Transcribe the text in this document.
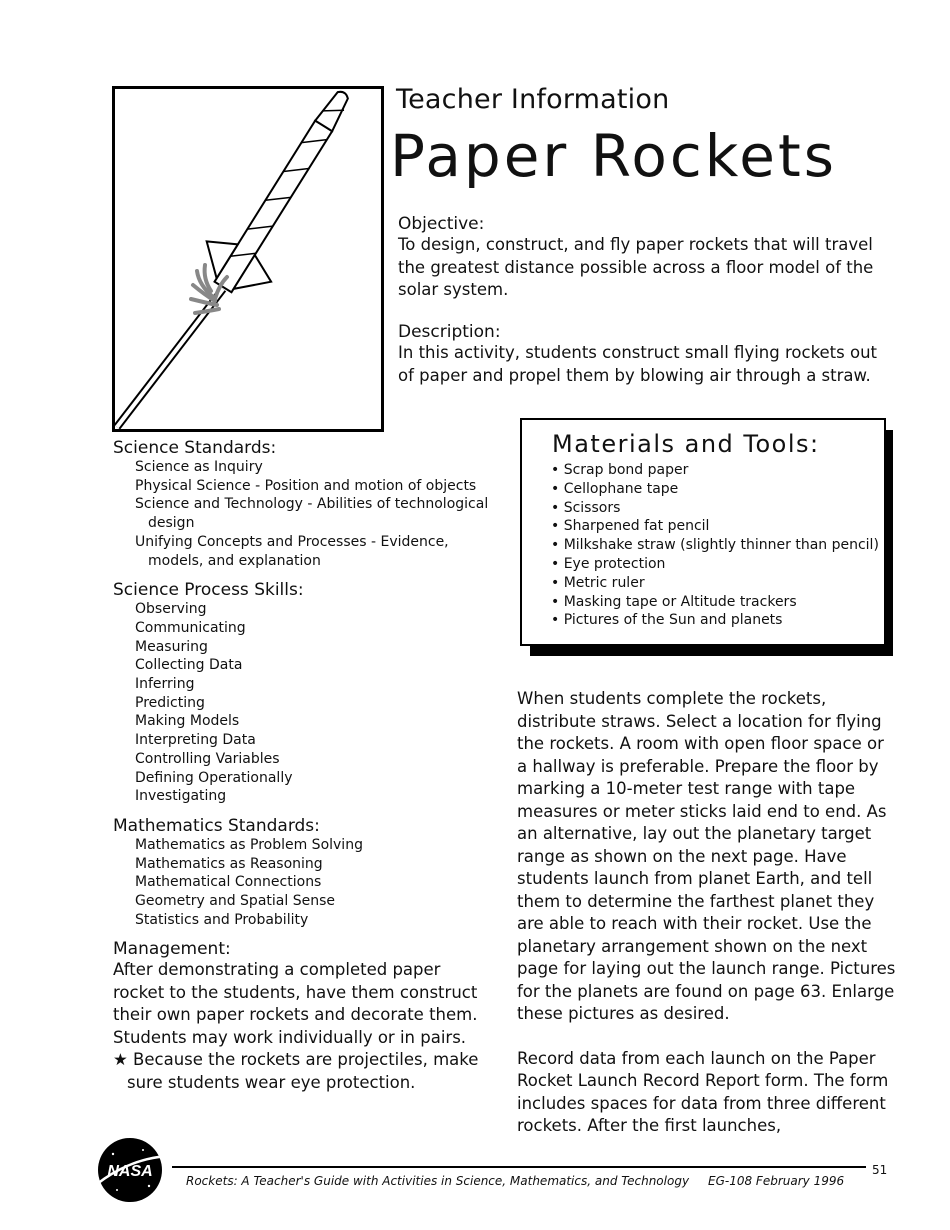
Teacher Information
Paper Rockets
Objective:
To design, construct, and fly paper rockets that will travel the greatest distance possible across a floor model of the solar system.
Description:
In this activity, students construct small flying rockets out of paper and propel them by blowing air through a straw.
Materials and Tools:
• Scrap bond paper
• Cellophane tape
• Scissors
• Sharpened fat pencil
• Milkshake straw (slightly thinner than pencil)
• Eye protection
• Metric ruler
• Masking tape or Altitude trackers
• Pictures of the Sun and planets
Science Standards:
Science as Inquiry
Physical Science - Position and motion of objects
Science and Technology - Abilities of technological design
Unifying Concepts and Processes - Evidence, models, and explanation
Science Process Skills:
Observing
Communicating
Measuring
Collecting Data
Inferring
Predicting
Making Models
Interpreting Data
Controlling Variables
Defining Operationally
Investigating
Mathematics Standards:
Mathematics as Problem Solving
Mathematics as Reasoning
Mathematical Connections
Geometry and Spatial Sense
Statistics and Probability
Management:
After demonstrating a completed paper rocket to the students, have them construct their own paper rockets and decorate them. Students may work individually or in pairs.
★ Because the rockets are projectiles, make sure students wear eye protection.

When students complete the rockets, distribute straws. Select a location for flying the rockets. A room with open floor space or a hallway is preferable. Prepare the floor by marking a 10-meter test range with tape measures or meter sticks laid end to end. As an alternative, lay out the planetary target range as shown on the next page. Have students launch from planet Earth, and tell them to determine the farthest planet they are able to reach with their rocket. Use the planetary arrangement shown on the next page for laying out the launch range. Pictures for the planets are found on page 63. Enlarge these pictures as desired.

Record data from each launch on the Paper Rocket Launch Record Report form. The form includes spaces for data from three different rockets. After the first launches,

NASA
Rockets: A Teacher's Guide with Activities in Science, Mathematics, and Technology EG-108 February 1996
51
